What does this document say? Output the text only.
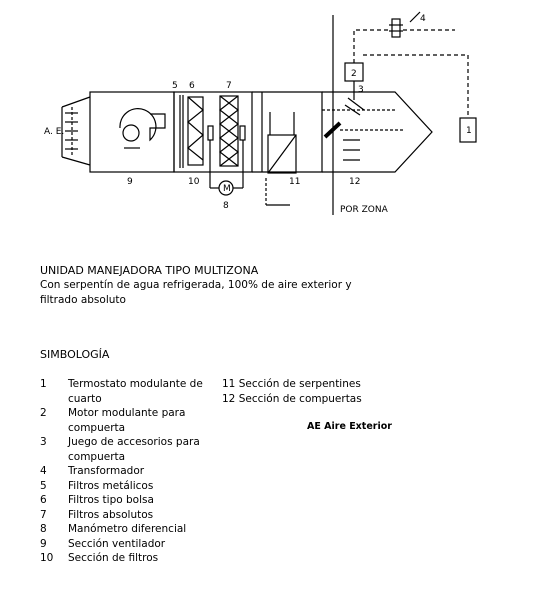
A. E.
5 6	7
9	10
M
8
11	12
2
3
4
1
POR ZONA
UNIDAD MANEJADORA TIPO MULTIZONA
Con serpentín de agua refrigerada, 100% de aire exterior y filtrado absoluto
SIMBOLOGÍA
1	Termostato modulante de cuarto
2	Motor modulante para compuerta
3	Juego de accesorios para compuerta
4	Transformador
5	Filtros metálicos
6	Filtros tipo bolsa
7	Filtros absolutos
8	Manómetro diferencial
9	Sección ventilador
10	Sección de filtros
11 Sección de serpentines
12 Sección de compuertas
AE Aire Exterior
